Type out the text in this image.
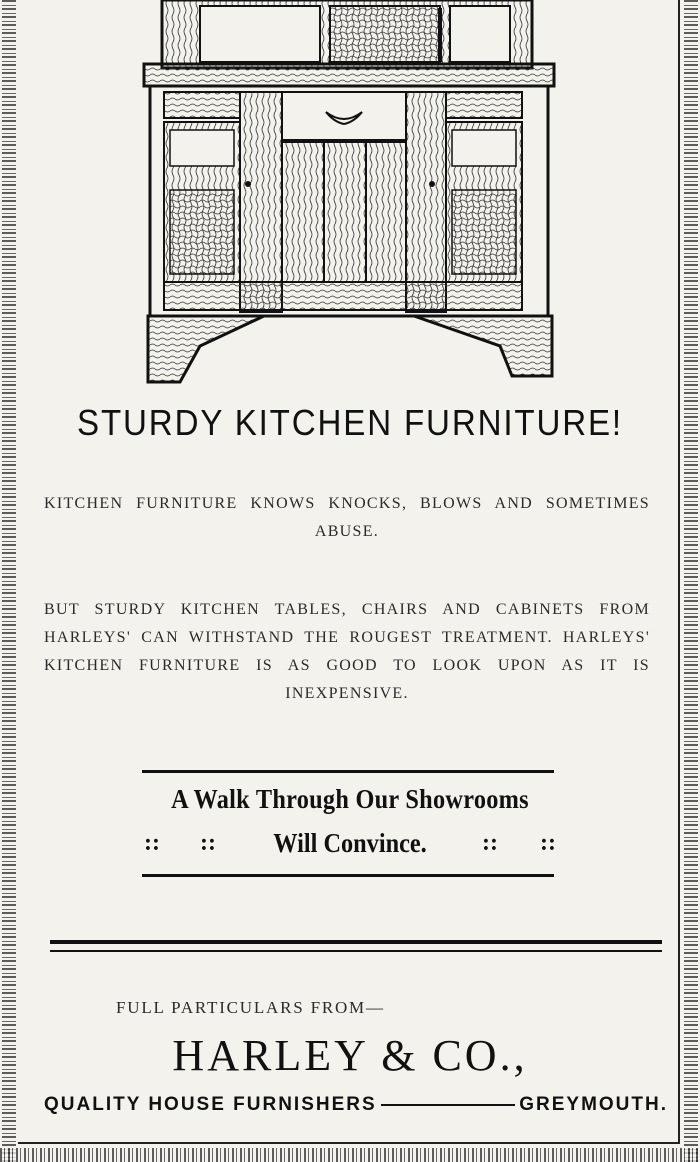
STURDY KITCHEN FURNITURE!
KITCHEN FURNITURE KNOWS KNOCKS, BLOWS AND SOMETIMES ABUSE.
BUT STURDY KITCHEN TABLES, CHAIRS AND CABINETS FROM HARLEYS' CAN WITHSTAND THE ROUGEST TREATMENT. HARLEYS' KITCHEN FURNITURE IS AS GOOD TO LOOK UPON AS IT IS INEXPENSIVE.
A Walk Through Our Showrooms
:: ::	Will Convince.	:: ::
FULL PARTICULARS FROM—
HARLEY & CO.,
QUALITY HOUSE FURNISHERS	GREYMOUTH.
